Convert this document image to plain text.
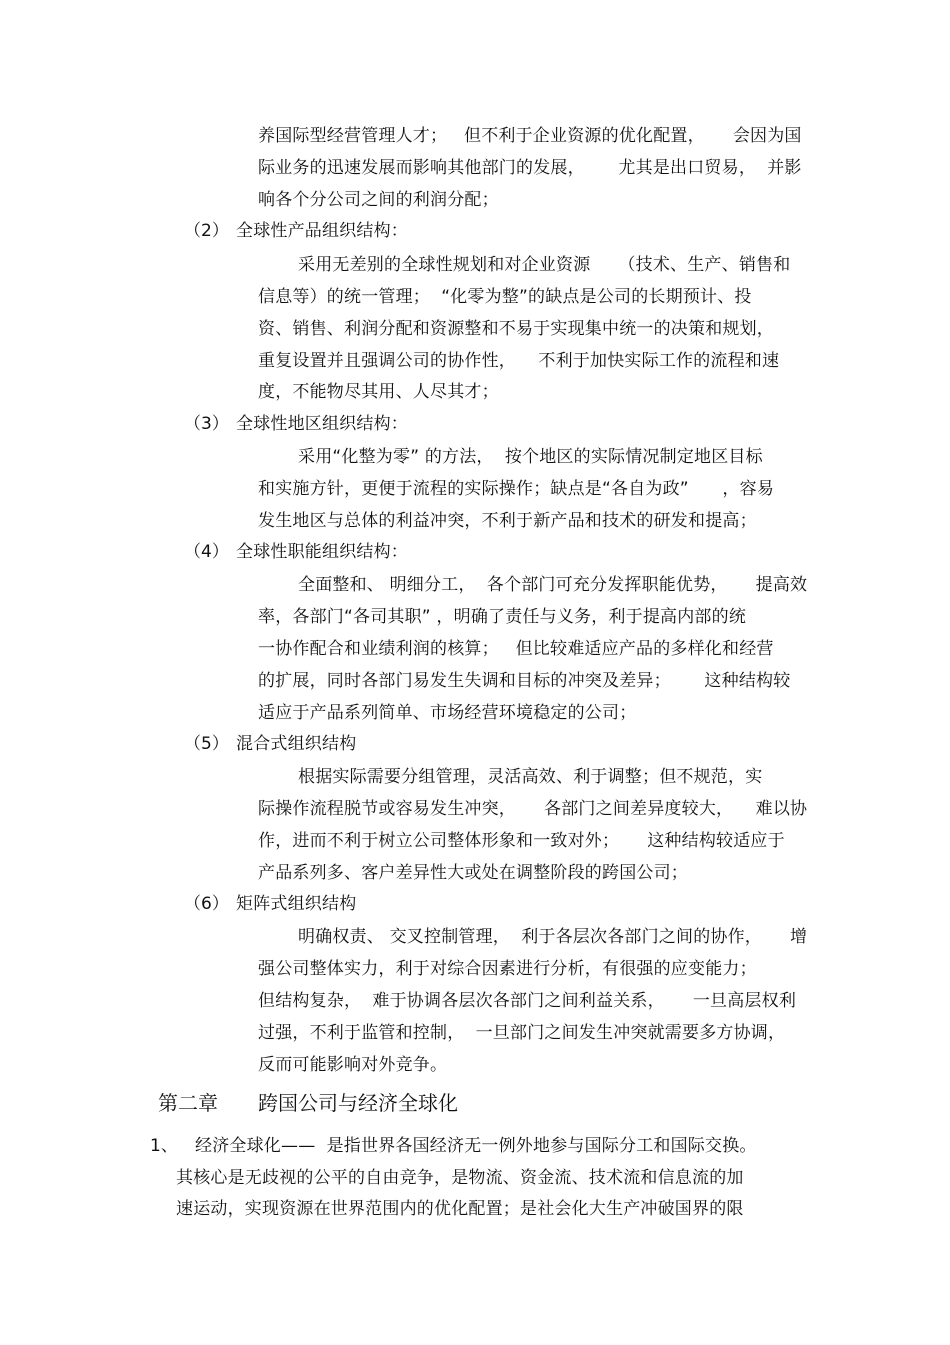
养国际型经营管理人才；   但不利于企业资源的优化配置，     会因为国
际业务的迅速发展而影响其他部门的发展，      尤其是出口贸易，  并影
响各个分公司之间的利润分配；
（2） 全球性产品组织结构：
采用无差别的全球性规划和对企业资源     （技术、生产、销售和
信息等）的统一管理；  “化零为整”的缺点是公司的长期预计、投
资、销售、利润分配和资源整和不易于实现集中统一的决策和规划，
重复设置并且强调公司的协作性，    不利于加快实际工作的流程和速
度，不能物尽其用、人尽其才；
（3） 全球性地区组织结构：
采用“化整为零” 的方法，  按个地区的实际情况制定地区目标
和实施方针，更便于流程的实际操作；缺点是“各自为政”      ，容易
发生地区与总体的利益冲突，不利于新产品和技术的研发和提高；
（4） 全球性职能组织结构：
全面整和、 明细分工，  各个部门可充分发挥职能优势，     提高效
率，各部门“各司其职” ，明确了责任与义务，利于提高内部的统
一协作配合和业绩利润的核算；   但比较难适应产品的多样化和经营
的扩展，同时各部门易发生失调和目标的冲突及差异；      这种结构较
适应于产品系列简单、市场经营环境稳定的公司；
（5） 混合式组织结构
根据实际需要分组管理，灵活高效、利于调整；但不规范，实
际操作流程脱节或容易发生冲突，     各部门之间差异度较大，    难以协
作，进而不利于树立公司整体形象和一致对外；     这种结构较适应于
产品系列多、客户差异性大或处在调整阶段的跨国公司；
（6） 矩阵式组织结构
明确权责、 交叉控制管理，  利于各层次各部门之间的协作，     增
强公司整体实力，利于对综合因素进行分析，有很强的应变能力；
但结构复杂，  难于协调各层次各部门之间利益关系，     一旦高层权利
过强，不利于监管和控制，  一旦部门之间发生冲突就需要多方协调，
反而可能影响对外竞争。
第二章 跨国公司与经济全球化
1、 经济全球化——  是指世界各国经济无一例外地参与国际分工和国际交换。
其核心是无歧视的公平的自由竞争，是物流、资金流、技术流和信息流的加
速运动，实现资源在世界范围内的优化配置；是社会化大生产冲破国界的限
